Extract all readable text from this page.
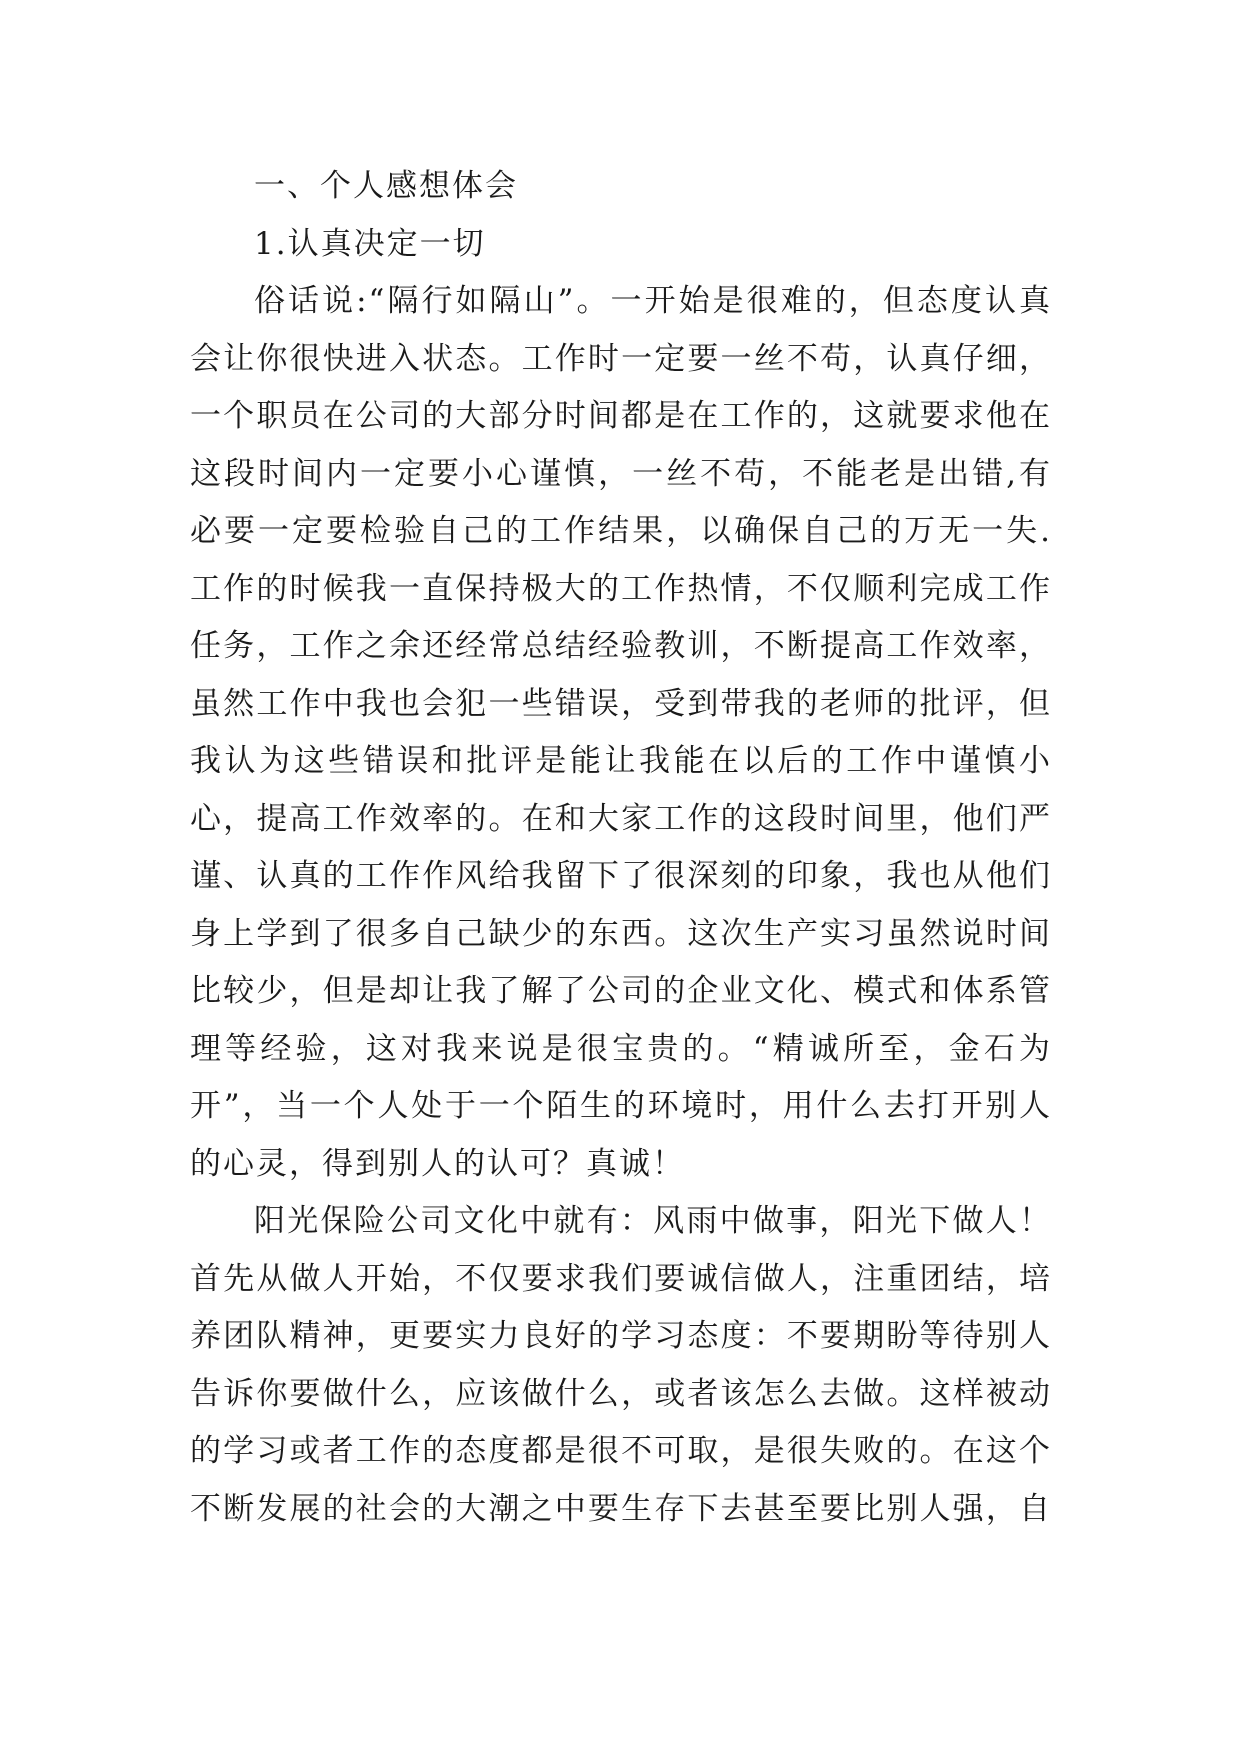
一、个人感想体会
1.认真决定一切
俗话说:“隔行如隔山”。一开始是很难的，但态度认真
会让你很快进入状态。工作时一定要一丝不苟，认真仔细，
一个职员在公司的大部分时间都是在工作的，这就要求他在
这段时间内一定要小心谨慎，一丝不苟，不能老是出错,有
必要一定要检验自己的工作结果，以确保自己的万无一失.
工作的时候我一直保持极大的工作热情，不仅顺利完成工作
任务，工作之余还经常总结经验教训，不断提高工作效率，
虽然工作中我也会犯一些错误，受到带我的老师的批评，但
我认为这些错误和批评是能让我能在以后的工作中谨慎小
心，提高工作效率的。在和大家工作的这段时间里，他们严
谨、认真的工作作风给我留下了很深刻的印象，我也从他们
身上学到了很多自己缺少的东西。这次生产实习虽然说时间
比较少，但是却让我了解了公司的企业文化、模式和体系管
理等经验，这对我来说是很宝贵的。“精诚所至，金石为
开”，当一个人处于一个陌生的环境时，用什么去打开别人
的心灵，得到别人的认可？真诚！
阳光保险公司文化中就有：风雨中做事，阳光下做人！
首先从做人开始，不仅要求我们要诚信做人，注重团结，培
养团队精神，更要实力良好的学习态度：不要期盼等待别人
告诉你要做什么，应该做什么，或者该怎么去做。这样被动
的学习或者工作的态度都是很不可取，是很失败的。在这个
不断发展的社会的大潮之中要生存下去甚至要比别人强，自
